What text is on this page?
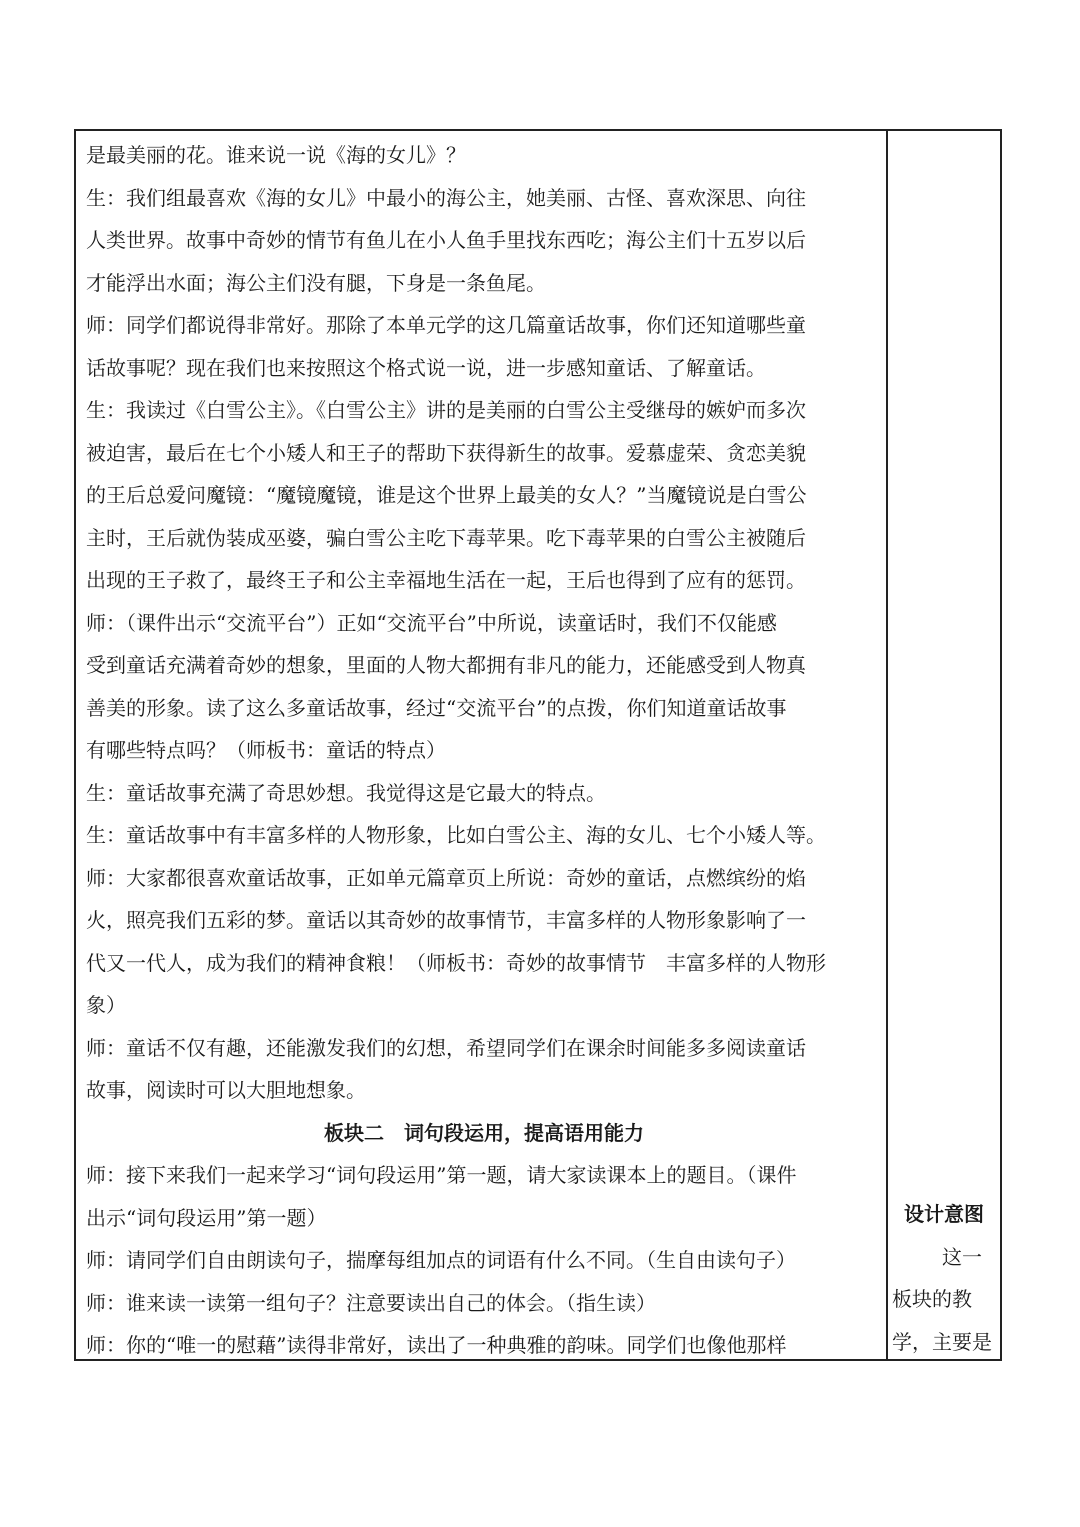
是最美丽的花。谁来说一说《海的女儿》？
生：我们组最喜欢《海的女儿》中最小的海公主，她美丽、古怪、喜欢深思、向往
人类世界。故事中奇妙的情节有鱼儿在小人鱼手里找东西吃；海公主们十五岁以后
才能浮出水面；海公主们没有腿，下身是一条鱼尾。
师：同学们都说得非常好。那除了本单元学的这几篇童话故事，你们还知道哪些童
话故事呢？现在我们也来按照这个格式说一说，进一步感知童话、了解童话。
生：我读过《白雪公主》。《白雪公主》讲的是美丽的白雪公主受继母的嫉妒而多次
被迫害，最后在七个小矮人和王子的帮助下获得新生的故事。爱慕虚荣、贪恋美貌
的王后总爱问魔镜：“魔镜魔镜，谁是这个世界上最美的女人？”当魔镜说是白雪公
主时，王后就伪装成巫婆，骗白雪公主吃下毒苹果。吃下毒苹果的白雪公主被随后
出现的王子救了，最终王子和公主幸福地生活在一起，王后也得到了应有的惩罚。
师：（课件出示“交流平台”）正如“交流平台”中所说，读童话时，我们不仅能感
受到童话充满着奇妙的想象，里面的人物大都拥有非凡的能力，还能感受到人物真
善美的形象。读了这么多童话故事，经过“交流平台”的点拨，你们知道童话故事
有哪些特点吗？（师板书：童话的特点）
生：童话故事充满了奇思妙想。我觉得这是它最大的特点。
生：童话故事中有丰富多样的人物形象，比如白雪公主、海的女儿、七个小矮人等。
师：大家都很喜欢童话故事，正如单元篇章页上所说：奇妙的童话，点燃缤纷的焰
火，照亮我们五彩的梦。童话以其奇妙的故事情节，丰富多样的人物形象影响了一
代又一代人，成为我们的精神食粮！（师板书：奇妙的故事情节　丰富多样的人物形
象）
师：童话不仅有趣，还能激发我们的幻想，希望同学们在课余时间能多多阅读童话
故事，阅读时可以大胆地想象。
板块二　词句段运用，提高语用能力
师：接下来我们一起来学习“词句段运用”第一题，请大家读课本上的题目。（课件
出示“词句段运用”第一题）
师：请同学们自由朗读句子，揣摩每组加点的词语有什么不同。（生自由读句子）
师：谁来读一读第一组句子？注意要读出自己的体会。（指生读）
师：你的“唯一的慰藉”读得非常好，读出了一种典雅的韵味。同学们也像他那样
设计意图
这一
板块的教
学，主要是
